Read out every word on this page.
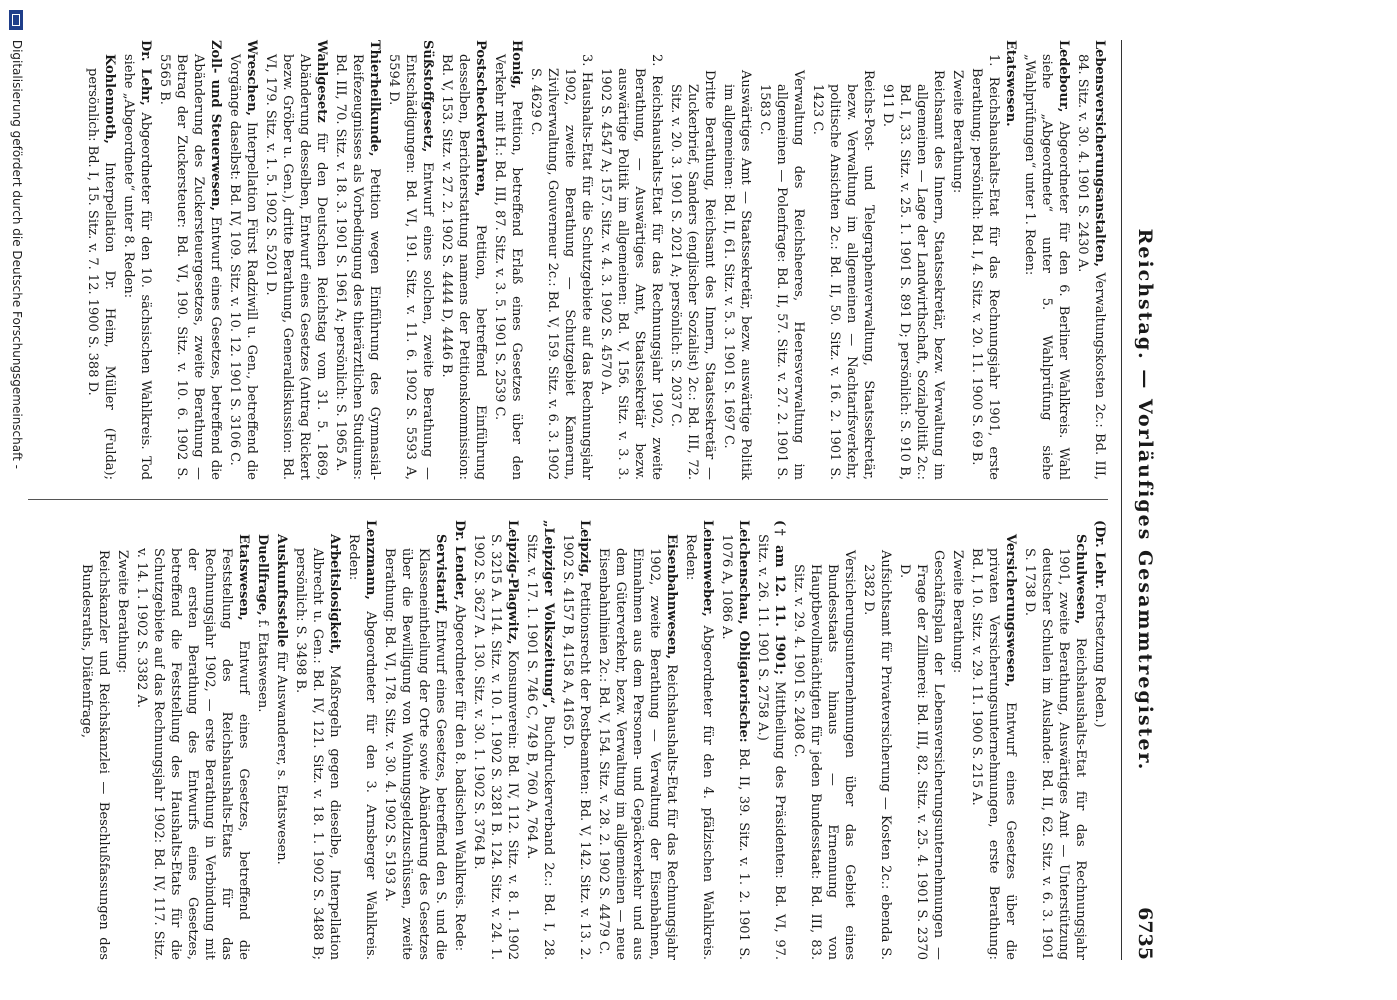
Reichstag. — Vorläufiges Gesammtregister.
6735
Lebensversicherungsanstalten, Verwaltungskosten 2c.: Bd. III, 84. Sitz. v. 30. 4. 1901 S. 2430 A.
Ledebour, Abgeordneter für den 6. Berliner Wahlkreis. Wahl siehe „Abgeordnete“ unter 5. Wahlprüfung siehe „Wahlprüfungen“ unter 1. Reden:
Etatswesen.
1. Reichshaushalts-Etat für das Rechnungsjahr 1901, erste Berathung; persönlich: Bd. I, 4. Sitz. v. 20. 11. 1900 S. 69 B.
Zweite Berathung:
Reichsamt des Innern, Staatssekretär, bezw. Verwaltung im allgemeinen — Lage der Landwirthschaft, Sozialpolitik 2c.: Bd. I, 33. Sitz. v. 25. 1. 1901 S. 891 D; persönlich: S. 910 B, 911 D.
Reichs-Post- und Telegraphenverwaltung, Staatssekretär, bezw. Verwaltung im allgemeinen — Nachtarifsverkehr, politische Ansichten 2c.: Bd. II, 50. Sitz. v. 16. 2. 1901 S. 1423 C.
Verwaltung des Reichsheeres, Heeresverwaltung im allgemeinen — Polenfrage: Bd. II, 57. Sitz. v. 27. 2. 1901 S. 1583 C.
Auswärtiges Amt — Staatssekretär, bezw. auswärtige Politik im allgemeinen: Bd. II, 61. Sitz. v. 5. 3. 1901 S. 1697 C.
Dritte Berathung, Reichsamt des Innern, Staatssekretär — Zuckerbrief, Sanders (englischer Sozialist) 2c.: Bd. III, 72. Sitz. v. 20. 3. 1901 S. 2021 A; persönlich: S. 2037 C.
2. Reichshaushalts-Etat für das Rechnungsjahr 1902, zweite Berathung, — Auswärtiges Amt, Staatssekretär bezw. auswärtige Politik im allgemeinen: Bd. V, 156. Sitz. v. 3. 3. 1902 S. 4547 A; 157. Sitz. v. 4. 3. 1902 S. 4570 A.
3. Haushalts-Etat für die Schutzgebiete auf das Rechnungsjahr 1902, zweite Berathung — Schutzgebiet Kamerun, Zivilverwaltung, Gouverneur 2c.: Bd. V, 159. Sitz. v. 6. 3. 1902 S. 4629 C.
Honig, Petition, betreffend Erlaß eines Gesetzes über den Verkehr mit H.: Bd. III, 87. Sitz. v. 3. 5. 1901 S. 2539 C.
Postscheckverfahren, Petition, betreffend Einführung desselben, Berichterstattung namens der Petitionskommission: Bd. V, 153. Sitz. v. 27. 2. 1902 S. 4444 D, 4446 B.
Süßstoffgesetz, Entwurf eines solchen, zweite Berathung — Entschädigungen: Bd. VI, 191. Sitz. v. 11. 6. 1902 S. 5593 A, 5594 D.
Thierheilkunde, Petition wegen Einführung des Gymnasial-Reifezeugnisses als Vorbedingung des thierärztlichen Studiums: Bd. III, 70. Sitz. v. 18. 3. 1901 S. 1961 A; persönlich: S. 1965 A.
Wahlgesetz für den Deutschen Reichstag vom 31. 5. 1869, Abänderung desselben, Entwurf eines Gesetzes (Antrag Rickert bezw. Gröber u. Gen.), dritte Berathung, Generaldiskussion: Bd. VI, 179. Sitz. v. 1. 5. 1902 S. 5201 D.
Wreschen, Interpellation Fürst Radziwill u. Gen., betreffend die Vorgänge daselbst: Bd. IV, 109. Sitz. v. 10. 12. 1901 S. 3106 C.
Zoll- und Steuerwesen, Entwurf eines Gesetzes, betreffend die Abänderung des Zuckersteuergesetzes, zweite Berathung — Betrag der Zuckersteuer: Bd. VI, 190. Sitz. v. 10. 6. 1902 S. 5565 B.
Dr. Lehr, Abgeordneter für den 10. sächsischen Wahlkreis. Tod siehe „Abgeordnete“ unter 8. Reden:
Kohlennoth, Interpellation Dr. Heim, Müller (Fulda); persönlich: Bd. I, 15. Sitz. v. 7. 12. 1900 S. 388 D.
(Dr. Lehr. Fortsetzung Reden.)
Schulwesen, Reichshaushalts-Etat für das Rechnungsjahr 1901, zweite Berathung, Auswärtiges Amt — Unterstützung deutscher Schulen im Auslande: Bd. II, 62. Sitz. v. 6. 3. 1901 S. 1738 D.
Versicherungswesen, Entwurf eines Gesetzes über die privaten Versicherungsunternehmungen, erste Berathung: Bd. I, 10. Sitz. v. 29. 11. 1900 S. 215 A.
Zweite Berathung:
Geschäftsplan der Lebensversicherungsunternehmungen — Frage der Zillmerei: Bd. III, 82. Sitz. v. 25. 4. 1901 S. 2370 D.
Aufsichtsamt für Privatversicherung — Kosten 2c.: ebenda S. 2382 D.
Versicherungsunternehmungen über das Gebiet eines Bundesstaats hinaus — Ernennung von Hauptbevollmächtigten für jeden Bundesstaat: Bd. III, 83. Sitz. v. 29. 4. 1901 S. 2408 C.
(† am 12. 11. 1901; Mittheilung des Präsidenten: Bd. VI, 97. Sitz. v. 26. 11. 1901 S. 2758 A.)
Leichenschau, Obligatorische: Bd. II, 39. Sitz. v. 1. 2. 1901 S. 1076 A, 1086 A.
Leinenweber, Abgeordneter für den 4. pfälzischen Wahlkreis. Reden:
Eisenbahnwesen, Reichshaushalts-Etat für das Rechnungsjahr 1902, zweite Berathung — Verwaltung der Eisenbahnen, Einnahmen aus dem Personen- und Gepäckverkehr und aus dem Güterverkehr, bezw. Verwaltung im allgemeinen — neue Eisenbahnlinien 2c.: Bd. V, 154. Sitz. v. 28. 2. 1902 S. 4479 C.
Leipzig, Petitionsrecht der Postbeamten: Bd. V, 142. Sitz. v. 13. 2. 1902 S. 4157 B, 4158 A, 4165 D.
„Leipziger Volkszeitung“, Buchdruckerverband 2c.: Bd. I, 28. Sitz. v. 17. 1. 1901 S. 746 C, 749 B, 760 A, 764 A.
Leipzig-Plagwitz, Konsumverein: Bd. IV, 112. Sitz. v. 8. 1. 1902 S. 3215 A. 114. Sitz. v. 10. 1. 1902 S. 3281 B. 124. Sitz. v. 24. 1. 1902 S. 3627 A. 130. Sitz. v. 30. 1. 1902 S. 3764 B.
Dr. Lender, Abgeordneter für den 8. badischen Wahlkreis. Rede:
Servistarif, Entwurf eines Gesetzes, betreffend den S. und die Klasseneintheilung der Orte sowie Abänderung des Gesetzes über die Bewilligung von Wohnungsgeldzuschüssen, zweite Berathung: Bd. VI, 178. Sitz. v. 30. 4. 1902 S. 5193 A.
Lenzmann, Abgeordneter für den 3. Arnsberger Wahlkreis. Reden:
Arbeitslosigkeit, Maßregeln gegen dieselbe, Interpellation Albrecht u. Gen.: Bd. IV, 121. Sitz. v. 18. 1. 1902 S. 3488 B; persönlich: S. 3498 B.
Auskunftsstelle für Auswanderer, s. Etatswesen.
Duellfrage, f. Etatswesen.
Etatswesen, Entwurf eines Gesetzes, betreffend die Feststellung des Reichshaushalts-Etats für das Rechnungsjahr 1902, — erste Berathung in Verbindung mit der ersten Berathung des Entwurfs eines Gesetzes, betreffend die Feststellung des Haushalts-Etats für die Schutzgebiete auf das Rechnungsjahr 1902: Bd. IV, 117. Sitz. v. 14. 1. 1902 S. 3382 A.
Zweite Berathung:
Reichskanzler und Reichskanzlei — Beschlußfassungen des Bundesraths, Diätenfrage,
Digitalisierung gefördert durch die Deutsche Forschungsgemeinschaft -
